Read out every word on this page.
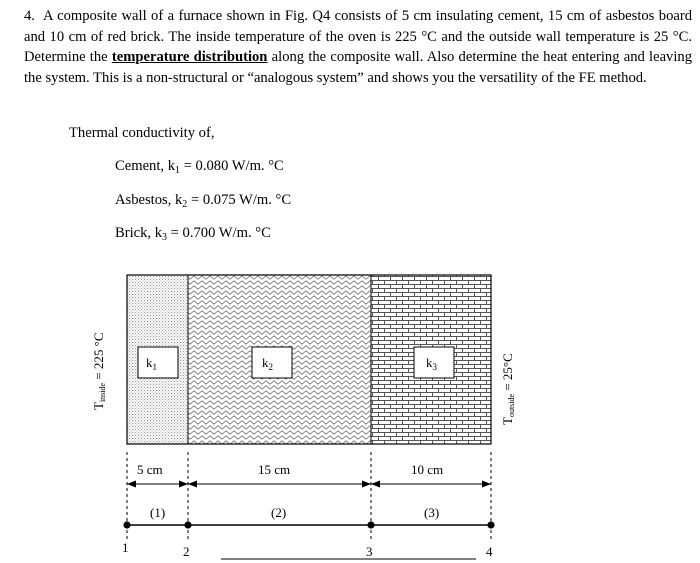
4. A composite wall of a furnace shown in Fig. Q4 consists of 5 cm insulating cement, 15 cm of asbestos board and 10 cm of red brick. The inside temperature of the oven is 225 °C and the outside wall temperature is 25 °C. Determine the temperature distribution along the composite wall. Also determine the heat entering and leaving the system. This is a non-structural or “analogous system” and shows you the versatility of the FE method.

Thermal conductivity of,
Cement, $k_1 = 0.080$ W/m. °C
Asbestos, $k_2 = 0.075$ W/m. °C
Brick, $k_3 = 0.700$ W/m. °C
$k_1$	$k_2$	$k_3$
Tinside = 225 °C
Toutside = 25°C
5 cm	15 cm	10 cm
(1)	(2)	(3)
1	2	3	4
